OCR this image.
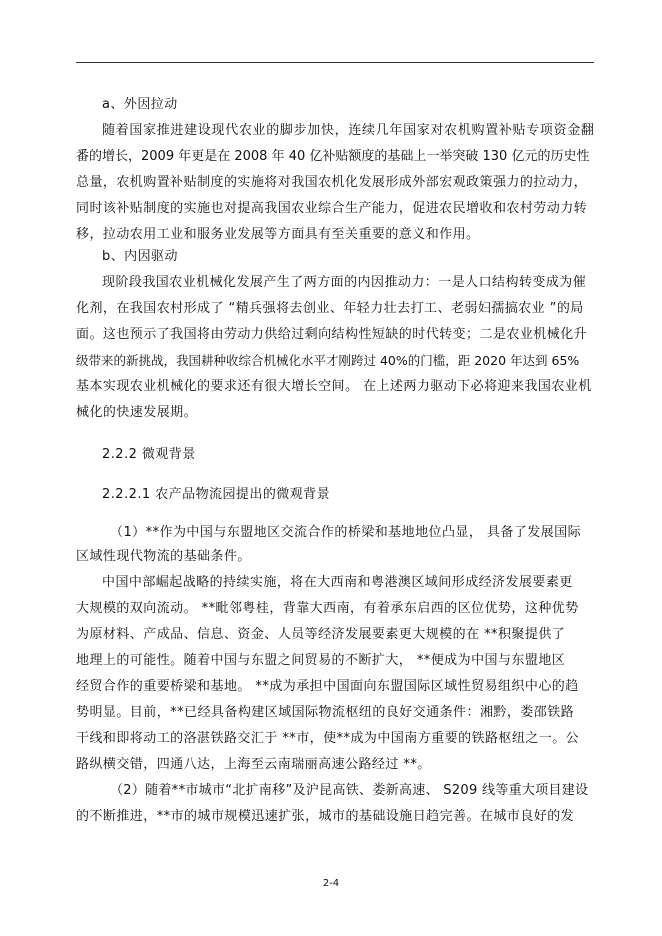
a、外因拉动
随着国家推进建设现代农业的脚步加快，连续几年国家对农机购置补贴专项资金翻
番的增长，2009 年更是在 2008 年 40 亿补贴额度的基础上一举突破 130 亿元的历史性
总量，农机购置补贴制度的实施将对我国农机化发展形成外部宏观政策强力的拉动力，
同时该补贴制度的实施也对提高我国农业综合生产能力，促进农民增收和农村劳动力转
移，拉动农用工业和服务业发展等方面具有至关重要的意义和作用。
b、内因驱动
现阶段我国农业机械化发展产生了两方面的内因推动力：一是人口结构转变成为催
化剂，在我国农村形成了 “精兵强将去创业、年轻力壮去打工、老弱妇孺搞农业 ”的局
面。这也预示了我国将由劳动力供给过剩向结构性短缺的时代转变；二是农业机械化升
级带来的新挑战，我国耕种收综合机械化水平才刚跨过 40%的门槛，距 2020 年达到 65%
基本实现农业机械化的要求还有很大增长空间。 在上述两力驱动下必将迎来我国农业机
械化的快速发展期。
2.2.2 微观背景
2.2.2.1 农产品物流园提出的微观背景
（1）**作为中国与东盟地区交流合作的桥梁和基地地位凸显， 具备了发展国际
区域性现代物流的基础条件。
中国中部崛起战略的持续实施，将在大西南和粤港澳区域间形成经济发展要素更
大规模的双向流动。 **毗邻粤桂，背靠大西南，有着承东启西的区位优势，这种优势
为原材料、产成品、信息、资金、人员等经济发展要素更大规模的在 **积聚提供了
地理上的可能性。随着中国与东盟之间贸易的不断扩大， **便成为中国与东盟地区
经贸合作的重要桥梁和基地。 **成为承担中国面向东盟国际区域性贸易组织中心的趋
势明显。目前，**已经具备构建区域国际物流枢纽的良好交通条件：湘黔，娄邵铁路
干线和即将动工的洛湛铁路交汇于 **市，使**成为中国南方重要的铁路枢纽之一。公
路纵横交错，四通八达，上海至云南瑞丽高速公路经过 **。
（2）随着**市城市“北扩南移”及沪昆高铁、娄新高速、 S209 线等重大项目建设
的不断推进，**市的城市规模迅速扩张，城市的基础设施日趋完善。在城市良好的发
2-4
